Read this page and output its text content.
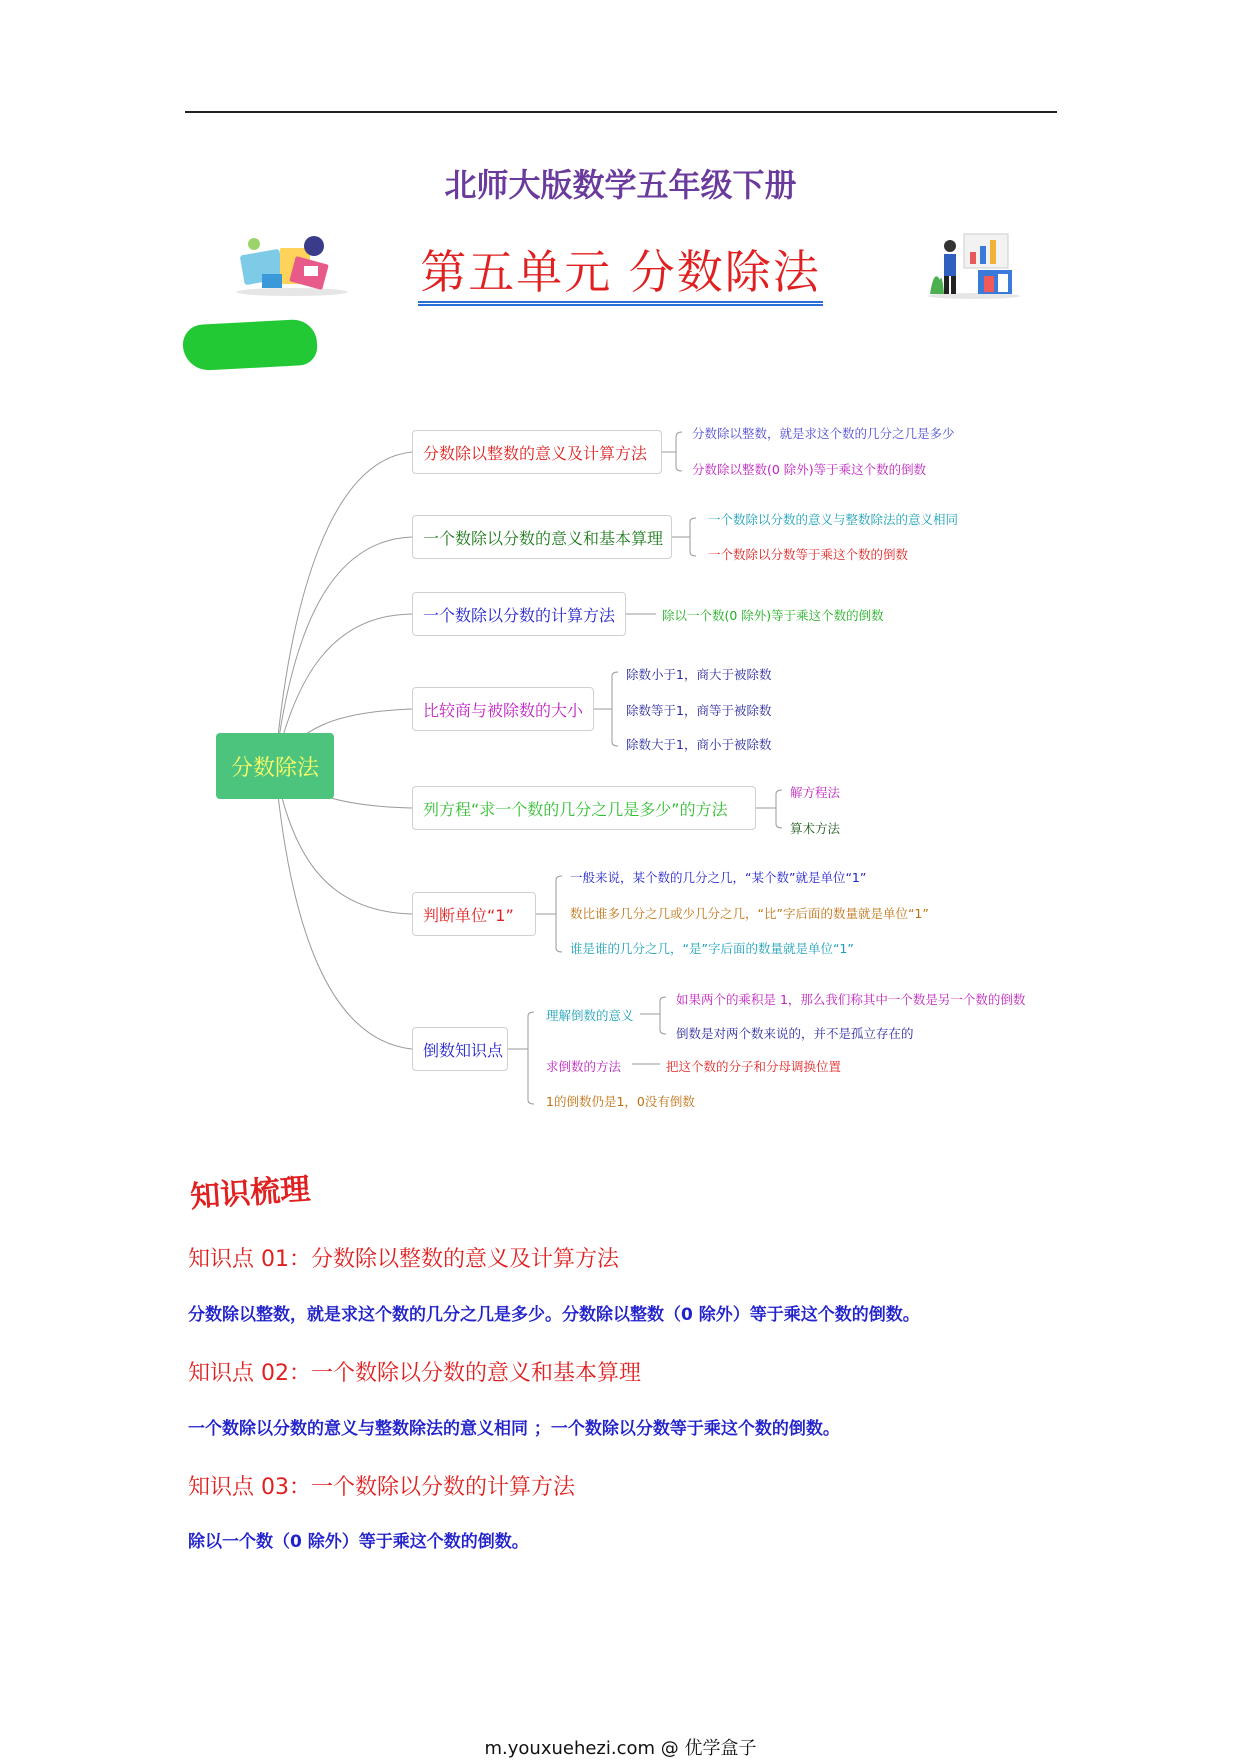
北师大版数学五年级下册
第五单元 分数除法
分数除法
分数除以整数的意义及计算方法
一个数除以分数的意义和基本算理
一个数除以分数的计算方法
比较商与被除数的大小
列方程“求一个数的几分之几是多少”的方法
判断单位“1”
倒数知识点
分数除以整数，就是求这个数的几分之几是多少
分数除以整数(0 除外)等于乘这个数的倒数
一个数除以分数的意义与整数除法的意义相同
一个数除以分数等于乘这个数的倒数
除以一个数(0 除外)等于乘这个数的倒数
除数小于1，商大于被除数
除数等于1，商等于被除数
除数大于1，商小于被除数
解方程法
算术方法
一般来说，某个数的几分之几，“某个数”就是单位“1”
数比谁多几分之几或少几分之几，“比”字后面的数量就是单位“1”
谁是谁的几分之几，“是”字后面的数量就是单位“1”
理解倒数的意义
如果两个的乘积是 1，那么我们称其中一个数是另一个数的倒数
倒数是对两个数来说的，并不是孤立存在的
求倒数的方法	把这个数的分子和分母调换位置
1的倒数仍是1，0没有倒数
知识梳理
知识点 01：分数除以整数的意义及计算方法
分数除以整数，就是求这个数的几分之几是多少。分数除以整数（0 除外）等于乘这个数的倒数。
知识点 02：一个数除以分数的意义和基本算理
一个数除以分数的意义与整数除法的意义相同 ；一个数除以分数等于乘这个数的倒数。
知识点 03：一个数除以分数的计算方法
除以一个数（0 除外）等于乘这个数的倒数。
m.youxuehezi.com @ 优学盒子
